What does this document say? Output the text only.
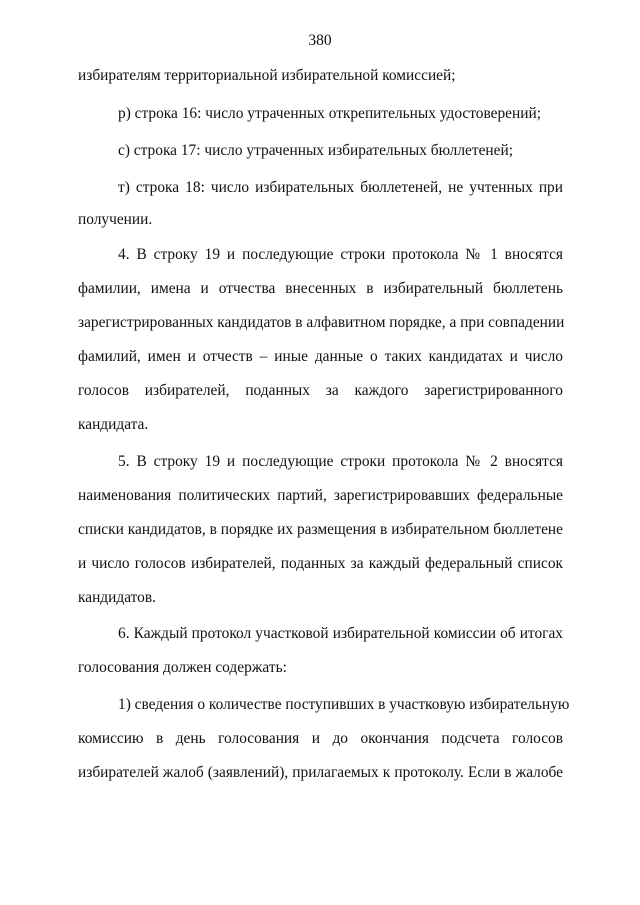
380
избирателям территориальной избирательной комиссией;
р) строка 16: число утраченных открепительных удостоверений;
с) строка 17: число утраченных избирательных бюллетеней;
т) строка 18: число избирательных бюллетеней, не учтенных при
получении.
4. В строку 19 и последующие строки протокола № 1 вносятся
фамилии, имена и отчества внесенных в избирательный бюллетень
зарегистрированных кандидатов в алфавитном порядке, а при совпадении
фамилий, имен и отчеств – иные данные о таких кандидатах и число
голосов избирателей, поданных за каждого зарегистрированного
кандидата.
5. В строку 19 и последующие строки протокола № 2 вносятся
наименования политических партий, зарегистрировавших федеральные
списки кандидатов, в порядке их размещения в избирательном бюллетене
и число голосов избирателей, поданных за каждый федеральный список
кандидатов.
6. Каждый протокол участковой избирательной комиссии об итогах
голосования должен содержать:
1) сведения о количестве поступивших в участковую избирательную
комиссию в день голосования и до окончания подсчета голосов
избирателей жалоб (заявлений), прилагаемых к протоколу. Если в жалобе
